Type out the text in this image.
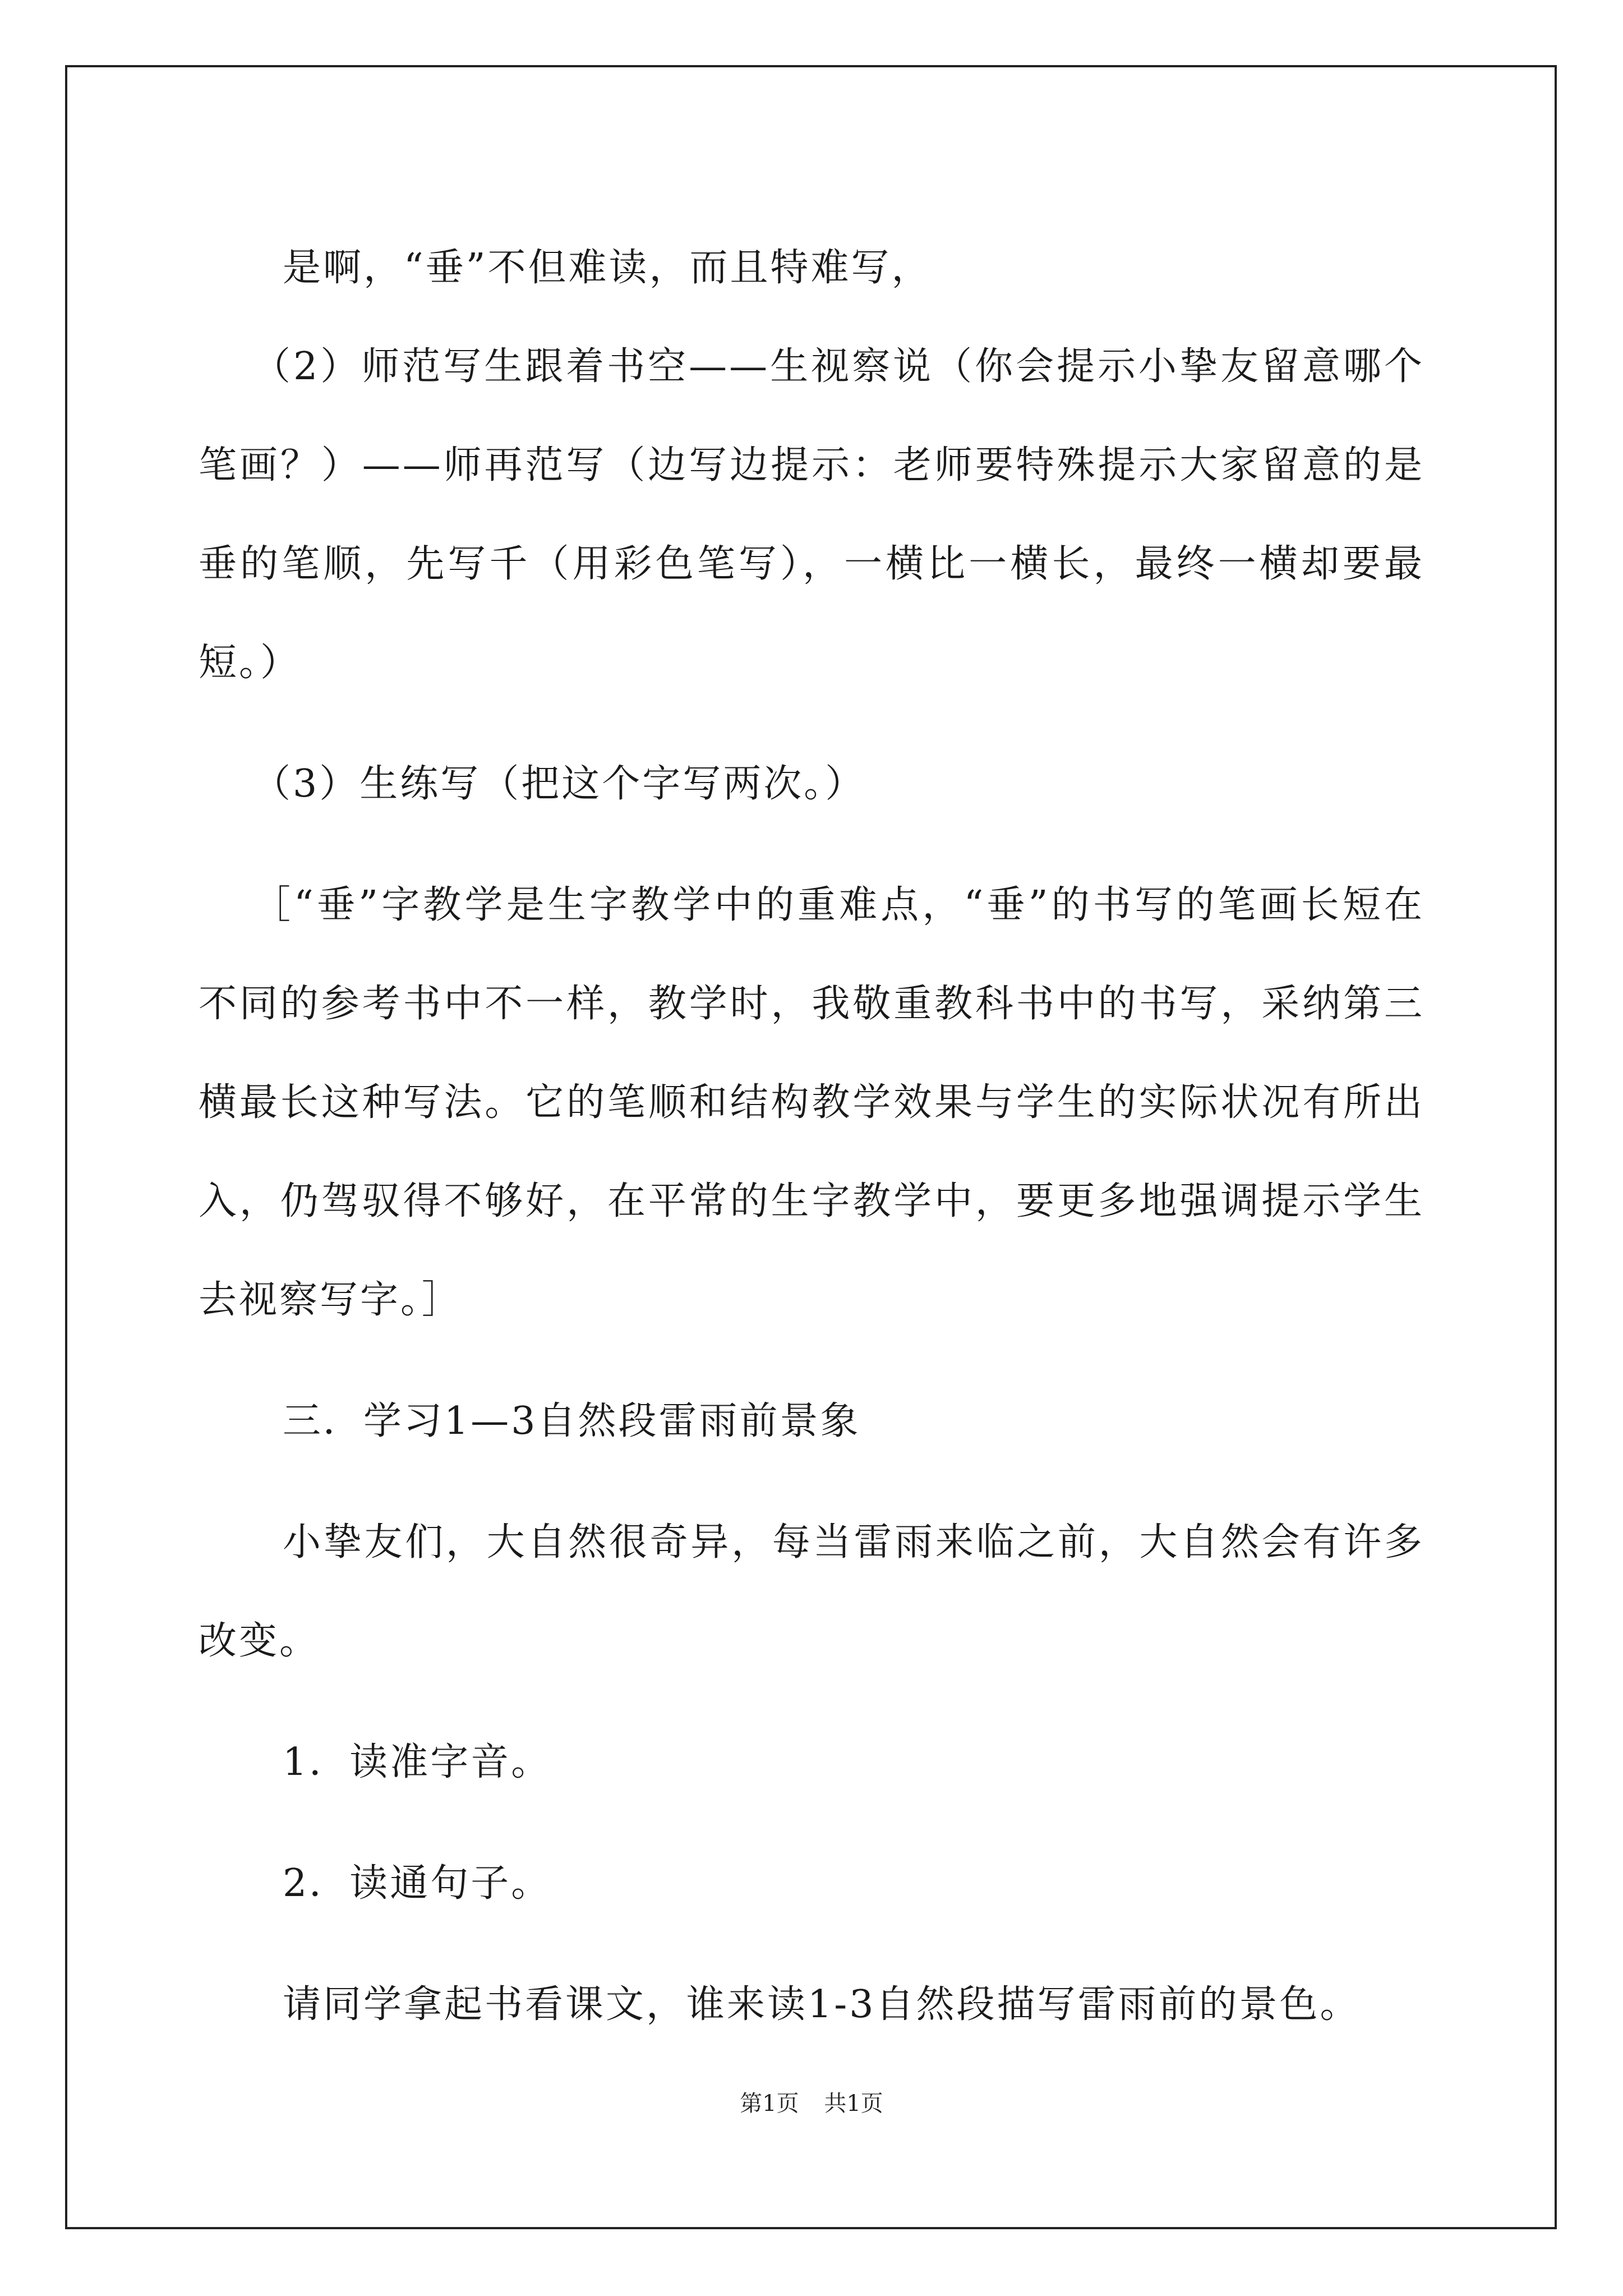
是啊，“垂”不但难读，而且特难写，

（2）师范写生跟着书空——生视察说（你会提示小挚友留意哪个笔画？）——师再范写（边写边提示：老师要特殊提示大家留意的是垂的笔顺，先写千（用彩色笔写），一横比一横长，最终一横却要最短。）

（3）生练写（把这个字写两次。）

［“垂”字教学是生字教学中的重难点，“垂”的书写的笔画长短在不同的参考书中不一样，教学时，我敬重教科书中的书写，采纳第三横最长这种写法。它的笔顺和结构教学效果与学生的实际状况有所出入，仍驾驭得不够好，在平常的生字教学中，要更多地强调提示学生去视察写字。］

三．学习1—3自然段雷雨前景象

小挚友们，大自然很奇异，每当雷雨来临之前，大自然会有许多改变。

1．读准字音。

2．读通句子。

请同学拿起书看课文，谁来读1-3自然段描写雷雨前的景色。

第1页 共1页
